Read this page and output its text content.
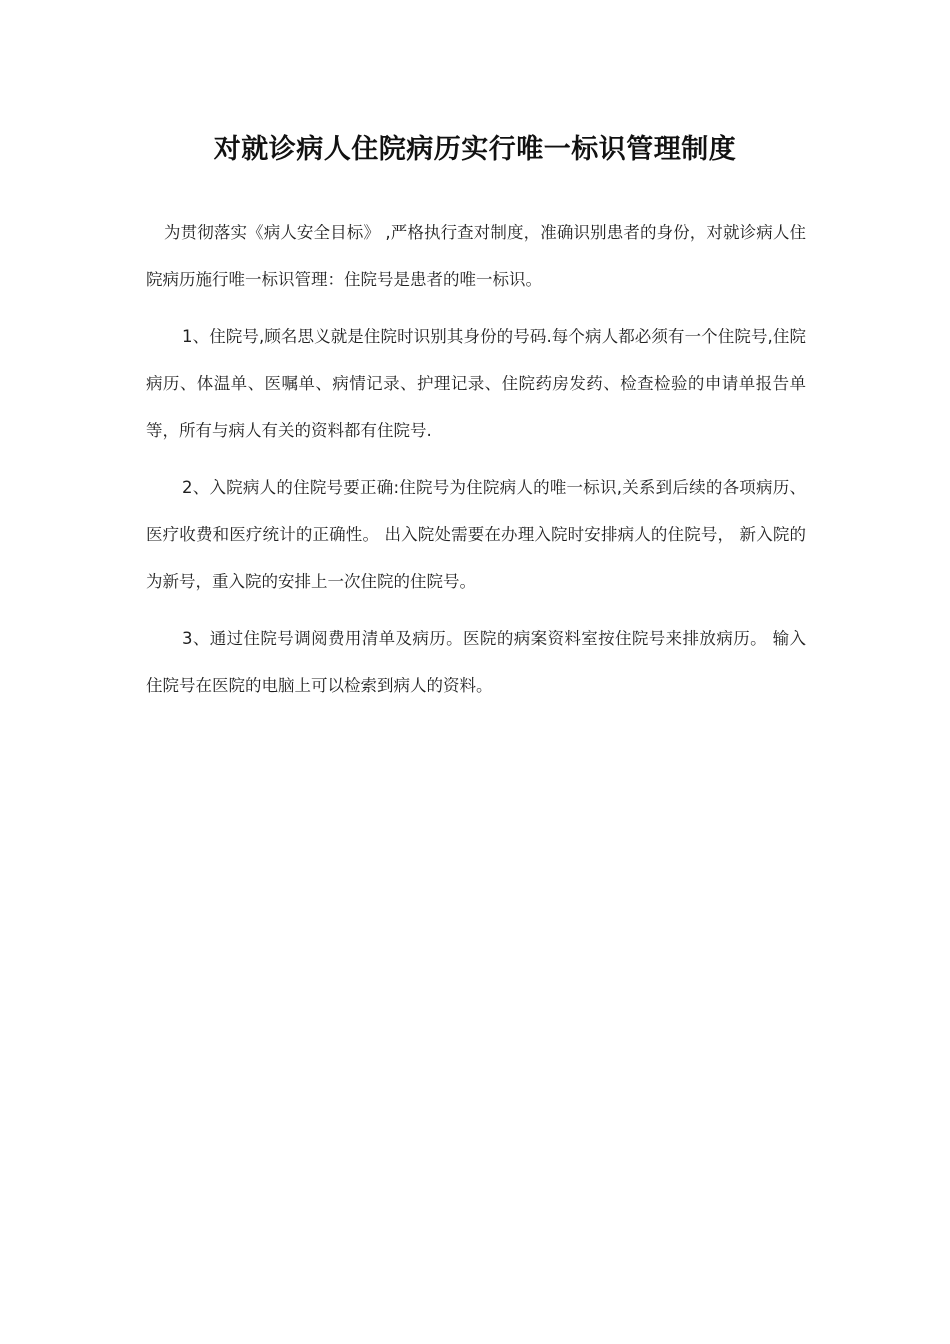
对就诊病人住院病历实行唯一标识管理制度

为贯彻落实《病人安全目标》 ,严格执行查对制度，准确识别患者的身份，对就诊病人住院病历施行唯一标识管理：住院号是患者的唯一标识。

1、住院号,顾名思义就是住院时识别其身份的号码.每个病人都必须有一个住院号,住院病历、体温单、医嘱单、病情记录、护理记录、住院药房发药、检查检验的申请单报告单等，所有与病人有关的资料都有住院号.

2、入院病人的住院号要正确:住院号为住院病人的唯一标识,关系到后续的各项病历、 医疗收费和医疗统计的正确性。 出入院处需要在办理入院时安排病人的住院号， 新入院的为新号，重入院的安排上一次住院的住院号。

3、通过住院号调阅费用清单及病历。医院的病案资料室按住院号来排放病历。 输入住院号在医院的电脑上可以检索到病人的资料。
